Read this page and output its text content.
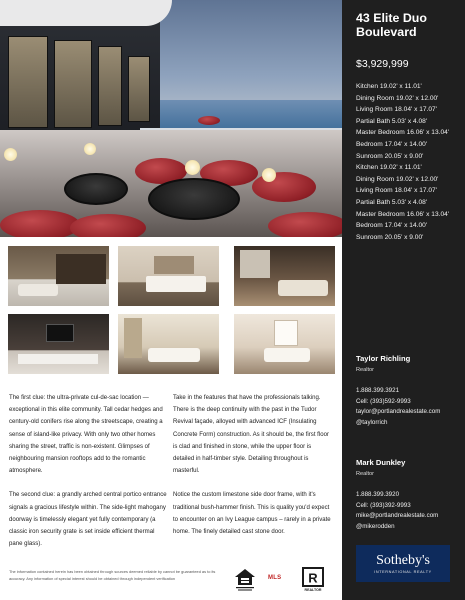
The first clue: the ultra-private cul-de-sac location — exceptional in this elite community. Tall cedar hedges and century-old conifers rise along the streetscape, creating a sense of island-like privacy. With only two other homes sharing the street, traffic is non-existent. Glimpses of neighbouring mansion rooftops add to the romantic atmosphere.

The second clue: a grandly arched central portico entrance signals a gracious lifestyle within. The side-light mahogany doorway is timelessly elegant yet fully contemporary (a classic iron security grate is set inside efficient thermal pane glass).

Take in the features that have the professionals talking. There is the deep continuity with the past in the Tudor Revival façade, alloyed with advanced ICF (Insulating Concrete Form) construction. As it should be, the first floor is clad and finished in stone, while the upper floor is detailed in half-timber style. Detailing throughout is masterful.

Notice the custom limestone side door frame, with it's traditional bush-hammer finish. This is quality you'd expect to encounter on an Ivy League campus – rarely in a private home. The finely detailed cast stone door.

The information contained herein has been obtained through sources deemed reliable by cannot be guaranteed as to its accuracy. Any information of special interest should be obtained through independent verification	MLS R
REALTOR
43 Elite Duo Boulevard
$3,929,999
Kitchen 19.02' x 11.01'
Dining Room 19.02' x 12.00'
Living Room 18.04' x 17.07'
Partial Bath 5.03' x 4.08'
Master Bedroom 16.06' x 13.04'
Bedroom 17.04' x 14.00'
Sunroom 20.05' x 9.00'
Kitchen 19.02' x 11.01'
Dining Room 19.02' x 12.00'
Living Room 18.04' x 17.07'
Partial Bath 5.03' x 4.08'
Master Bedroom 16.06' x 13.04'
Bedroom 17.04' x 14.00'
Sunroom 20.05' x 9.00'
Taylor Richling
Realtor
1.888.399.3921
Cell: (393)592-9993
taylor@portlandrealestate.com
@taylorrich
Mark Dunkley
Realtor
1.888.399.3920
Cell: (393)392-9993
mike@portlandrealestate.com
@mikerodden
Sotheby's
INTERNATIONAL REALTY
